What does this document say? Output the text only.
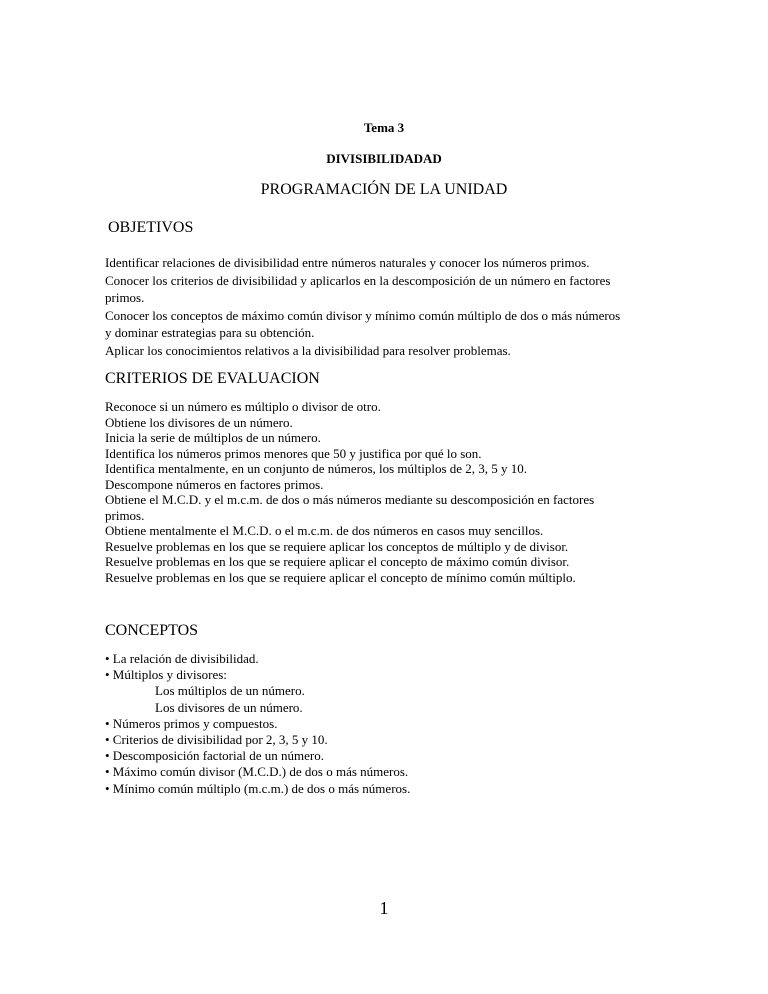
Tema 3
DIVISIBILIDADAD
PROGRAMACIÓN DE LA UNIDAD
OBJETIVOS
Identificar relaciones de divisibilidad entre números naturales y conocer los números primos.
Conocer los criterios de divisibilidad y aplicarlos en la descomposición de un número en factores
primos.
Conocer los conceptos de máximo común divisor y mínimo común múltiplo de dos o más números
y dominar estrategias para su obtención.
Aplicar los conocimientos relativos a la divisibilidad para resolver problemas.
CRITERIOS DE EVALUACION
Reconoce si un número es múltiplo o divisor de otro.
Obtiene los divisores de un número.
Inicia la serie de múltiplos de un número.
Identifica los números primos menores que 50 y justifica por qué lo son.
Identifica mentalmente, en un conjunto de números, los múltiplos de 2, 3, 5 y 10.
Descompone números en factores primos.
Obtiene el M.C.D. y el m.c.m. de dos o más números mediante su descomposición en factores
primos.
Obtiene mentalmente el M.C.D. o el m.c.m. de dos números en casos muy sencillos.
Resuelve problemas en los que se requiere aplicar los conceptos de múltiplo y de divisor.
Resuelve problemas en los que se requiere aplicar el concepto de máximo común divisor.
Resuelve problemas en los que se requiere aplicar el concepto de mínimo común múltiplo.
CONCEPTOS
• La relación de divisibilidad.
• Múltiplos y divisores:
Los múltiplos de un número.
Los divisores de un número.
• Números primos y compuestos.
• Criterios de divisibilidad por 2, 3, 5 y 10.
• Descomposición factorial de un número.
• Máximo común divisor (M.C.D.) de dos o más números.
• Mínimo común múltiplo (m.c.m.) de dos o más números.
1
